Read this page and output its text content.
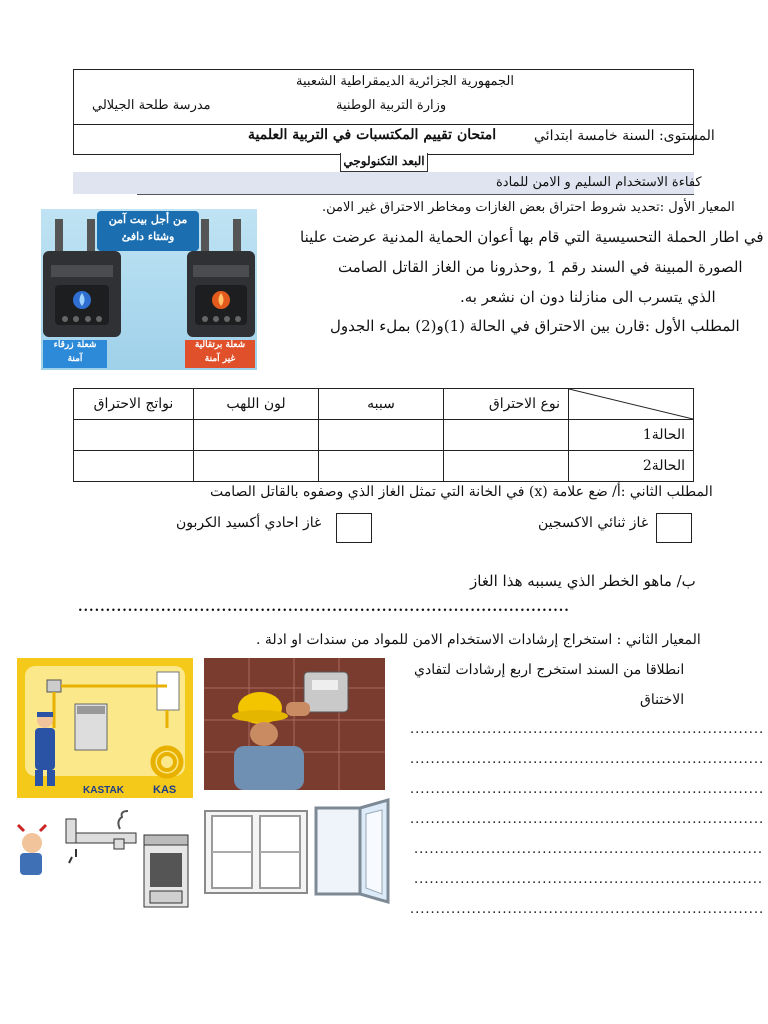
الجمهورية الجزائرية الديمقراطية الشعبية
وزارة التربية الوطنية
مدرسة طلحة الجيلالي
المستوى: السنة خامسة ابتدائي
امتحان تقييم المكتسبات في التربية العلمية
البعد التكنولوجي
كفاءة الاستخدام السليم و الامن للمادة
المعيار الأول :تحديد شروط احتراق بعض الغازات ومخاطر الاحتراق غير الامن.
في اطار الحملة التحسيسية التي قام بها أعوان الحماية المدنية عرضت علينا
الصورة المبينة في السند رقم 1 ,وحذرونا من الغاز القاتل الصامت
الذي يتسرب الى منازلنا دون ان نشعر به.
المطلب الأول :قارن بين الاحتراق في الحالة (1)و(2) بملء الجدول
من أجل بيت آمن
وشتاء دافئ
شعلة برتقالية
غير آمنة
شعلة زرقاء
آمنة
	نوع الاحتراق	سببه	لون اللهب	نواتج الاحتراق
الحالة1				
الحالة2				
المطلب الثاني :أ/ ضع علامة (x) في الخانة التي تمثل الغاز الذي وصفوه بالقاتل الصامت
غاز ثنائي الاكسجين
غاز احادي أكسيد الكربون
ب/ ماهو الخطر الذي يسببه هذا الغاز
.........................................................................................
المعيار الثاني : استخراج إرشادات الاستخدام الامن للمواد من سندات او ادلة .
انطلاقا من السند استخرج اربع إرشادات لتفادي
الاختناق
.....................................................................
.....................................................................
.....................................................................
.....................................................................
....................................................................
....................................................................
.....................................................................
KASTAK	KAS
